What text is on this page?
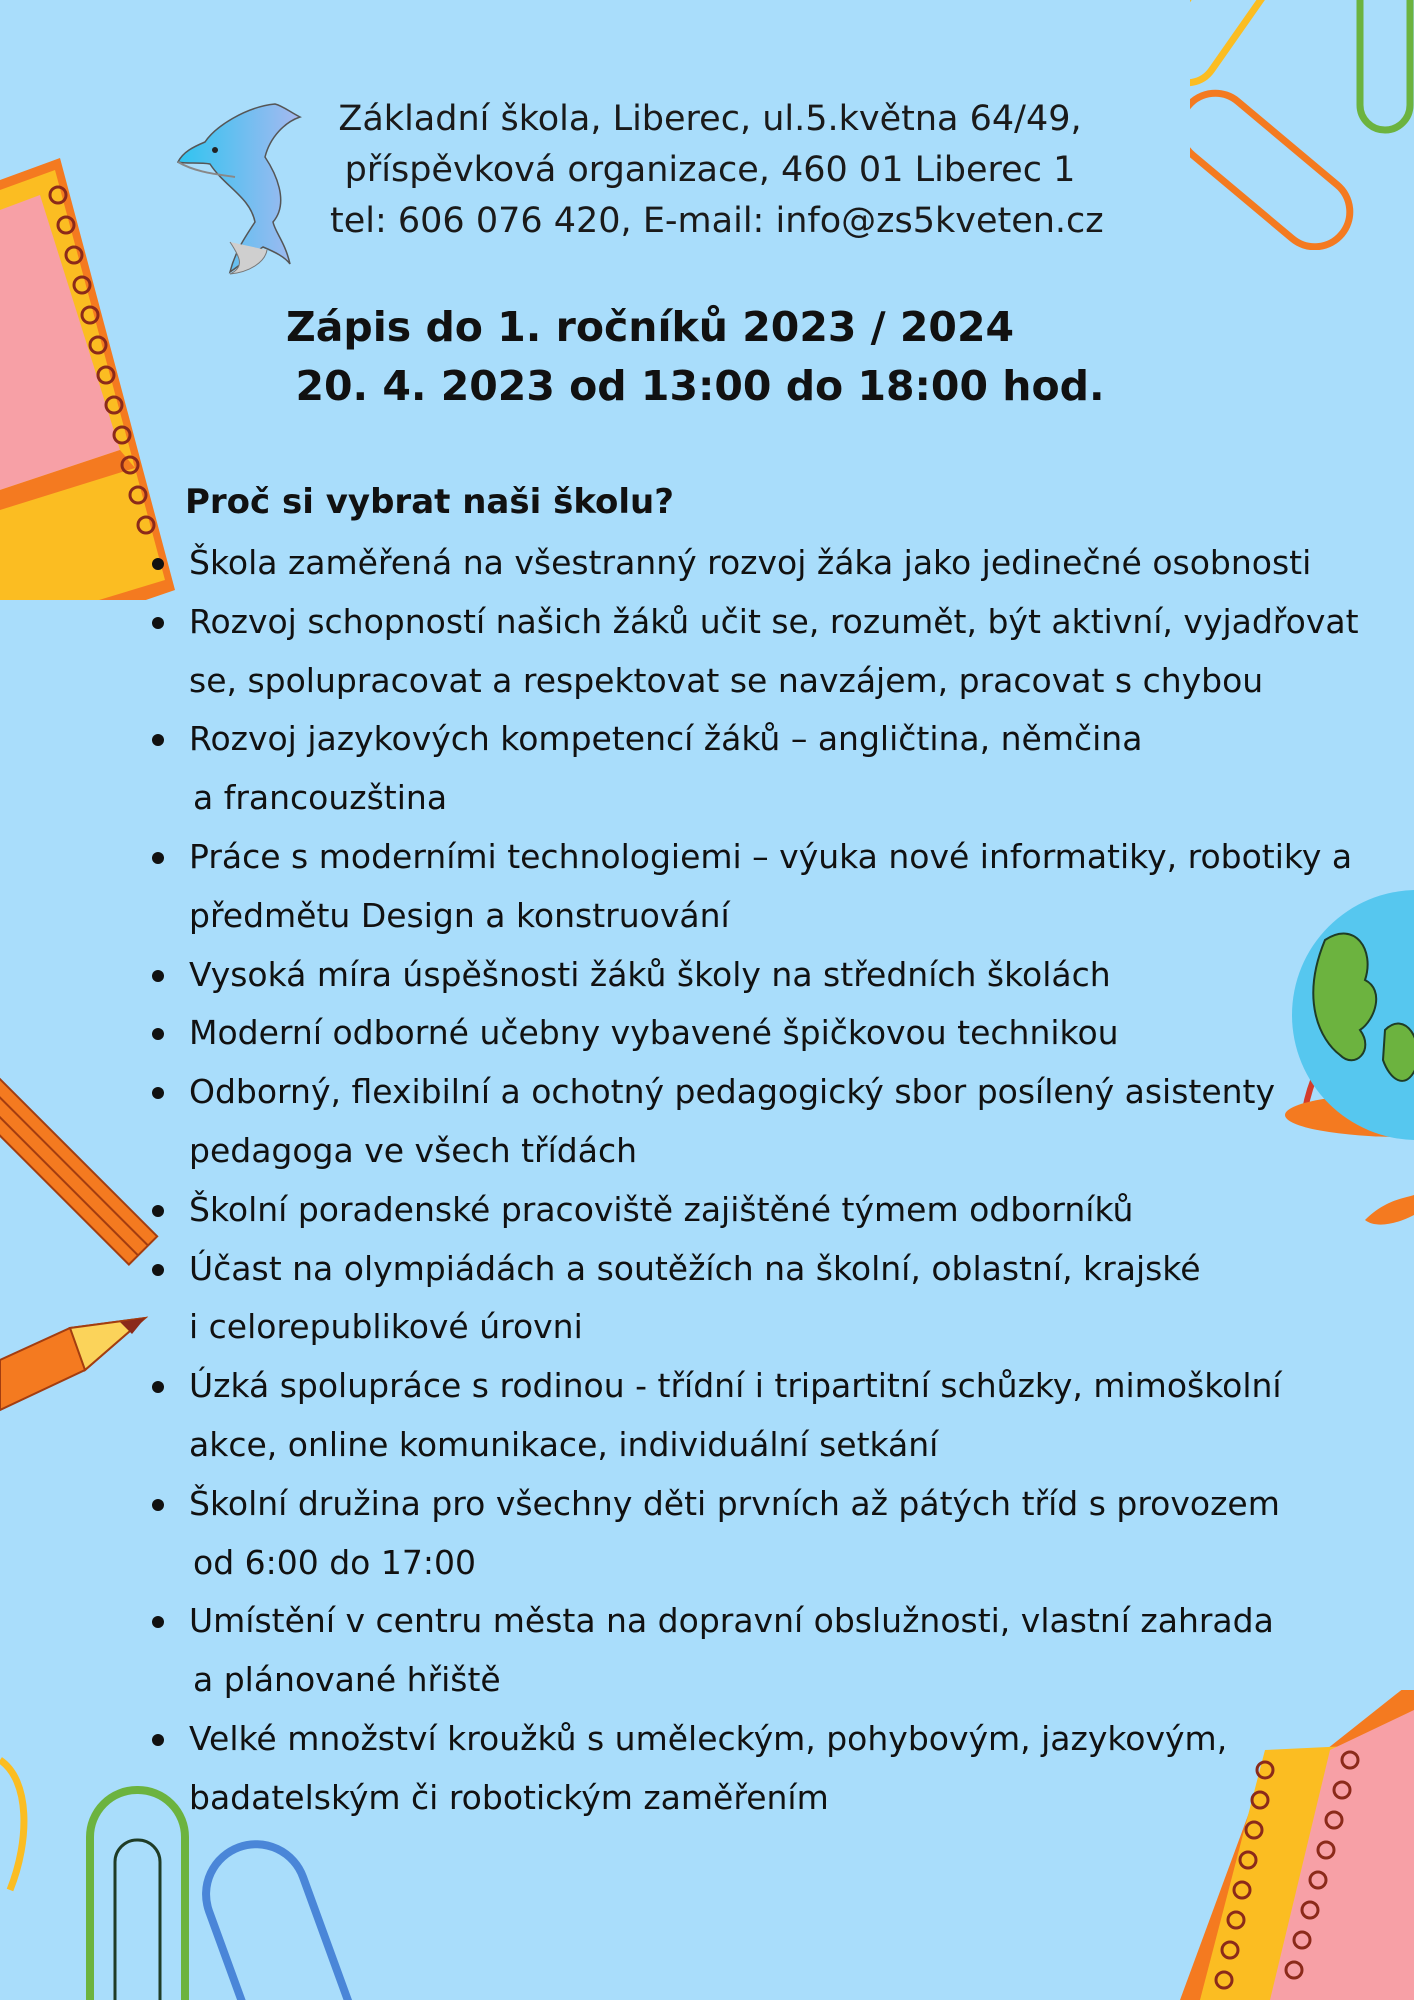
Základní škola, Liberec, ul.5.května 64/49,
příspěvková organizace, 460 01 Liberec 1
tel: 606 076 420, E-mail: info@zs5kveten.cz
Zápis do 1. ročníků 2023 / 2024
20. 4. 2023 od 13:00 do 18:00 hod.
Proč si vybrat naši školu?
Škola zaměřená na všestranný rozvoj žáka jako jedinečné osobnosti
Rozvoj schopností našich žáků učit se, rozumět, být aktivní, vyjadřovat
se, spolupracovat a respektovat se navzájem, pracovat s chybou
Rozvoj jazykových kompetencí žáků – angličtina, němčina
a francouzština
Práce s moderními technologiemi – výuka nové informatiky, robotiky a
předmětu Design a konstruování
Vysoká míra úspěšnosti žáků školy na středních školách
Moderní odborné učebny vybavené špičkovou technikou
Odborný, flexibilní a ochotný pedagogický sbor posílený asistenty
pedagoga ve všech třídách
Školní poradenské pracoviště zajištěné týmem odborníků
Účast na olympiádách a soutěžích na školní, oblastní, krajské
i celorepublikové úrovni
Úzká spolupráce s rodinou - třídní i tripartitní schůzky, mimoškolní
akce, online komunikace, individuální setkání
Školní družina pro všechny děti prvních až pátých tříd s provozem
od 6:00 do 17:00
Umístění v centru města na dopravní obslužnosti, vlastní zahrada
a plánované hřiště
Velké množství kroužků s uměleckým, pohybovým, jazykovým,
badatelským či robotickým zaměřením
